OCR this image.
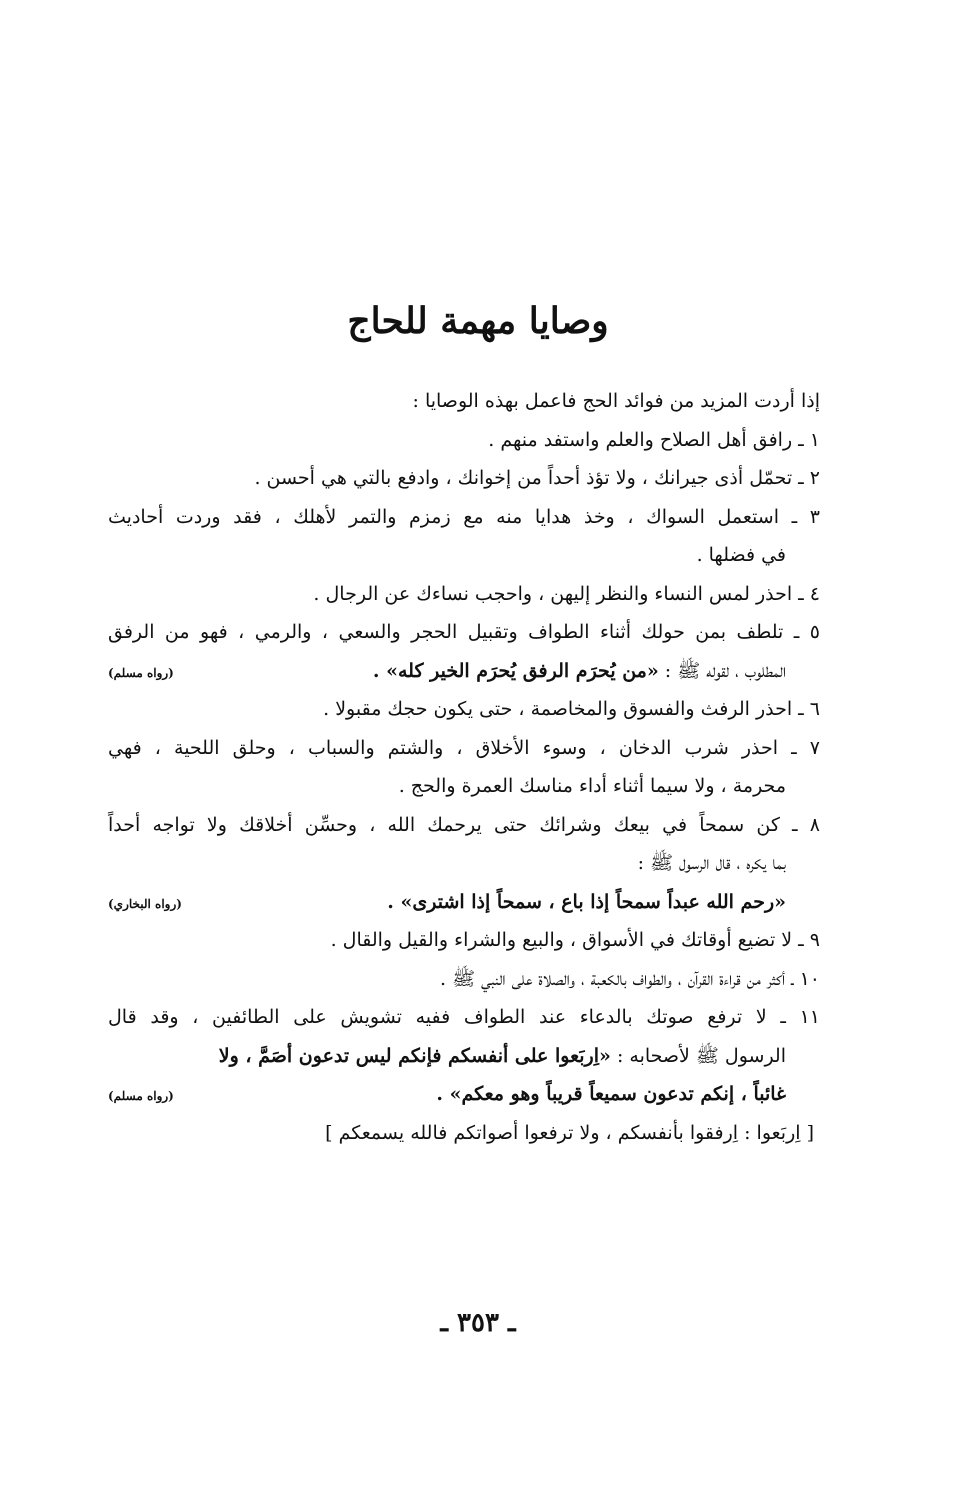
وصايا مهمة للحاج
إذا أردت المزيد من فوائد الحج فاعمل بهذه الوصايا :
١ ـ رافق أهل الصلاح والعلم واستفد منهم .
٢ ـ تحمّل أذى جيرانك ، ولا تؤذ أحداً من إخوانك ، وادفع بالتي هي أحسن .
٣ ـ استعمل السواك ، وخذ هدايا منه مع زمزم والتمر لأهلك ، فقد وردت أحاديث
في فضلها .
٤ ـ احذر لمس النساء والنظر إليهن ، واحجب نساءك عن الرجال .
٥ ـ تلطف بمن حولك أثناء الطواف وتقبيل الحجر والسعي ، والرمي ، فهو من الرفق
المطلوب ، لقوله ﷺ : «من يُحرَم الرفق يُحرَم الخير كله» .
(رواه مسلم)
٦ ـ احذر الرفث والفسوق والمخاصمة ، حتى يكون حجك مقبولا .
٧ ـ احذر شرب الدخان ، وسوء الأخلاق ، والشتم والسباب ، وحلق اللحية ، فهي
محرمة ، ولا سيما أثناء أداء مناسك العمرة والحج .
٨ ـ كن سمحاً في بيعك وشرائك حتى يرحمك الله ، وحسِّن أخلاقك ولا تواجه أحداً
بما يكره ، قال الرسول ﷺ :
«رحم الله عبداً سمحاً إذا باع ، سمحاً إذا اشترى» .
(رواه البخاري)
٩ ـ لا تضيع أوقاتك في الأسواق ، والبيع والشراء والقيل والقال .
١٠ ـ أكثر من قراءة القرآن ، والطواف بالكعبة ، والصلاة على النبي ﷺ .
١١ ـ لا ترفع صوتك بالدعاء عند الطواف ففيه تشويش على الطائفين ، وقد قال
الرسول ﷺ لأصحابه : «اِربَعوا على أنفسكم فإنكم ليس تدعون أصَمَّ ، ولا
غائباً ، إنكم تدعون سميعاً قريباً وهو معكم» .
(رواه مسلم)
[ اِربَعوا : اِرفقوا بأنفسكم ، ولا ترفعوا أصواتكم فالله يسمعكم ]
ـ ٣٥٣ ـ
